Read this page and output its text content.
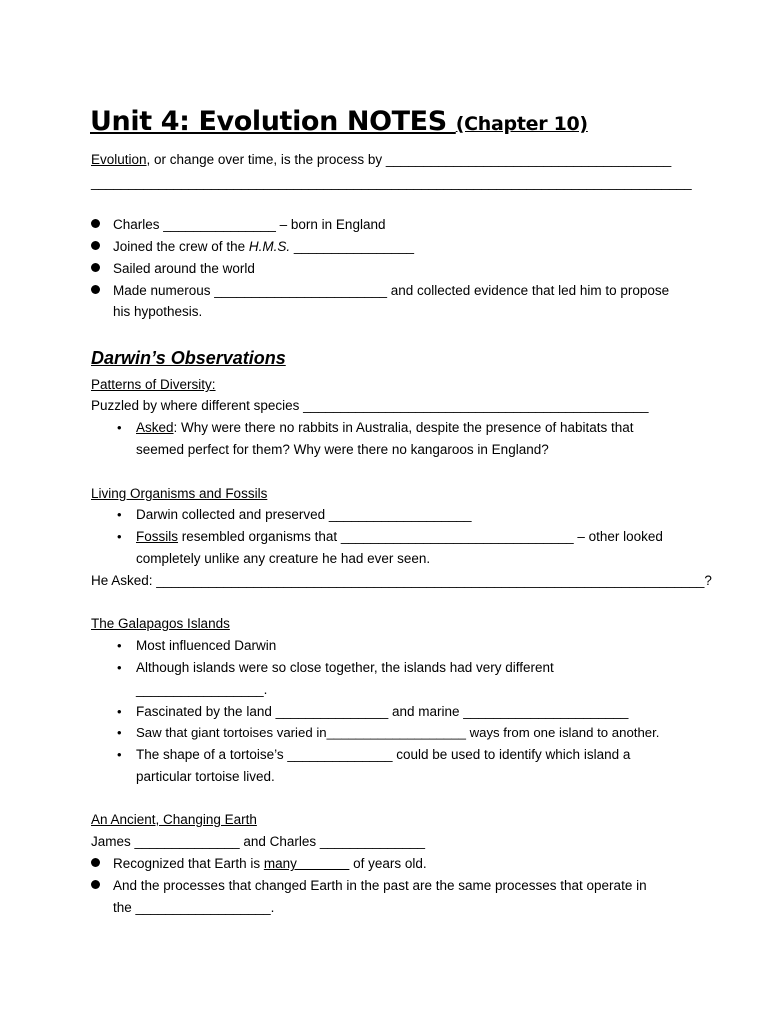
Unit 4: Evolution NOTES (Chapter 10)
Evolution, or change over time, is the process by ______________________________________
________________________________________________________________________________
Charles _______________ – born in England
Joined the crew of the H.M.S. ________________
Sailed around the world
Made numerous _______________________ and collected evidence that led him to propose
his hypothesis.
Darwin’s Observations
Patterns of Diversity:
Puzzled by where different species ______________________________________________
• Asked: Why were there no rabbits in Australia, despite the presence of habitats that
seemed perfect for them? Why were there no kangaroos in England?
Living Organisms and Fossils
• Darwin collected and preserved ___________________
• Fossils resembled organisms that _______________________________ – other looked
completely unlike any creature he had ever seen.
He Asked: _________________________________________________________________________?
The Galapagos Islands
• Most influenced Darwin
• Although islands were so close together, the islands had very different
_________________.
• Fascinated by the land _______________ and marine ______________________
• Saw that giant tortoises varied in___________________ ways from one island to another.
• The shape of a tortoise’s ______________ could be used to identify which island a
particular tortoise lived.
An Ancient, Changing Earth
James ______________ and Charles ______________
Recognized that Earth is many               of years old.
And the processes that changed Earth in the past are the same processes that operate in
the __________________.
